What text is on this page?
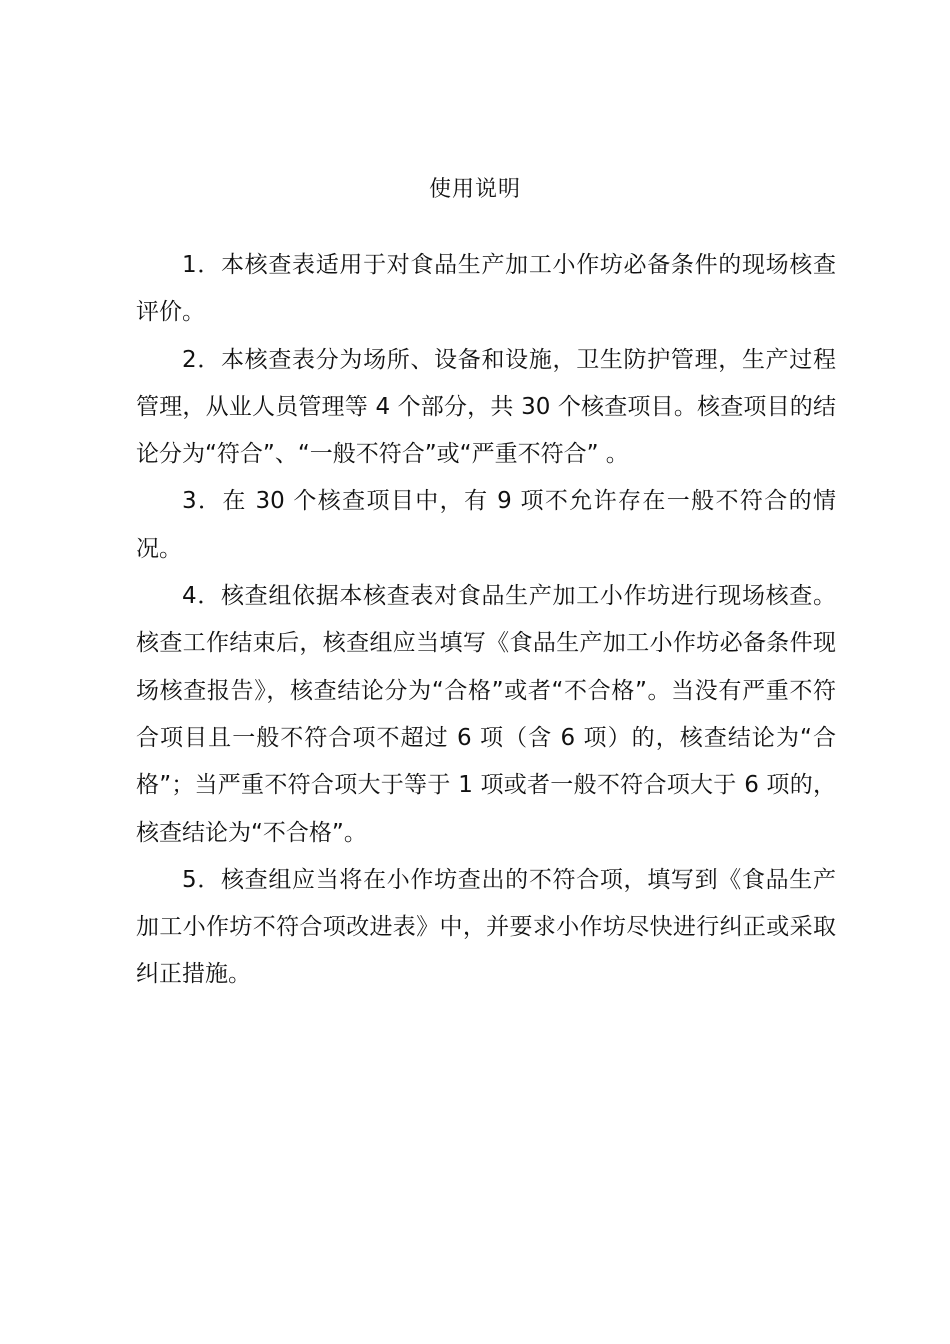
使用说明

1．本核查表适用于对食品生产加工小作坊必备条件的现场核查评价。

2．本核查表分为场所、设备和设施，卫生防护管理，生产过程管理，从业人员管理等 4 个部分，共 30 个核查项目。核查项目的结论分为“符合”、“一般不符合”或“严重不符合” 。

3．在 30 个核查项目中，有 9 项不允许存在一般不符合的情况。

4．核查组依据本核查表对食品生产加工小作坊进行现场核查。核查工作结束后，核查组应当填写《食品生产加工小作坊必备条件现场核查报告》，核查结论分为“合格”或者“不合格”。当没有严重不符合项目且一般不符合项不超过 6 项（含 6 项）的，核查结论为“合格”；当严重不符合项大于等于 1 项或者一般不符合项大于 6 项的，核查结论为“不合格”。

5．核查组应当将在小作坊查出的不符合项，填写到《食品生产加工小作坊不符合项改进表》中，并要求小作坊尽快进行纠正或采取纠正措施。
